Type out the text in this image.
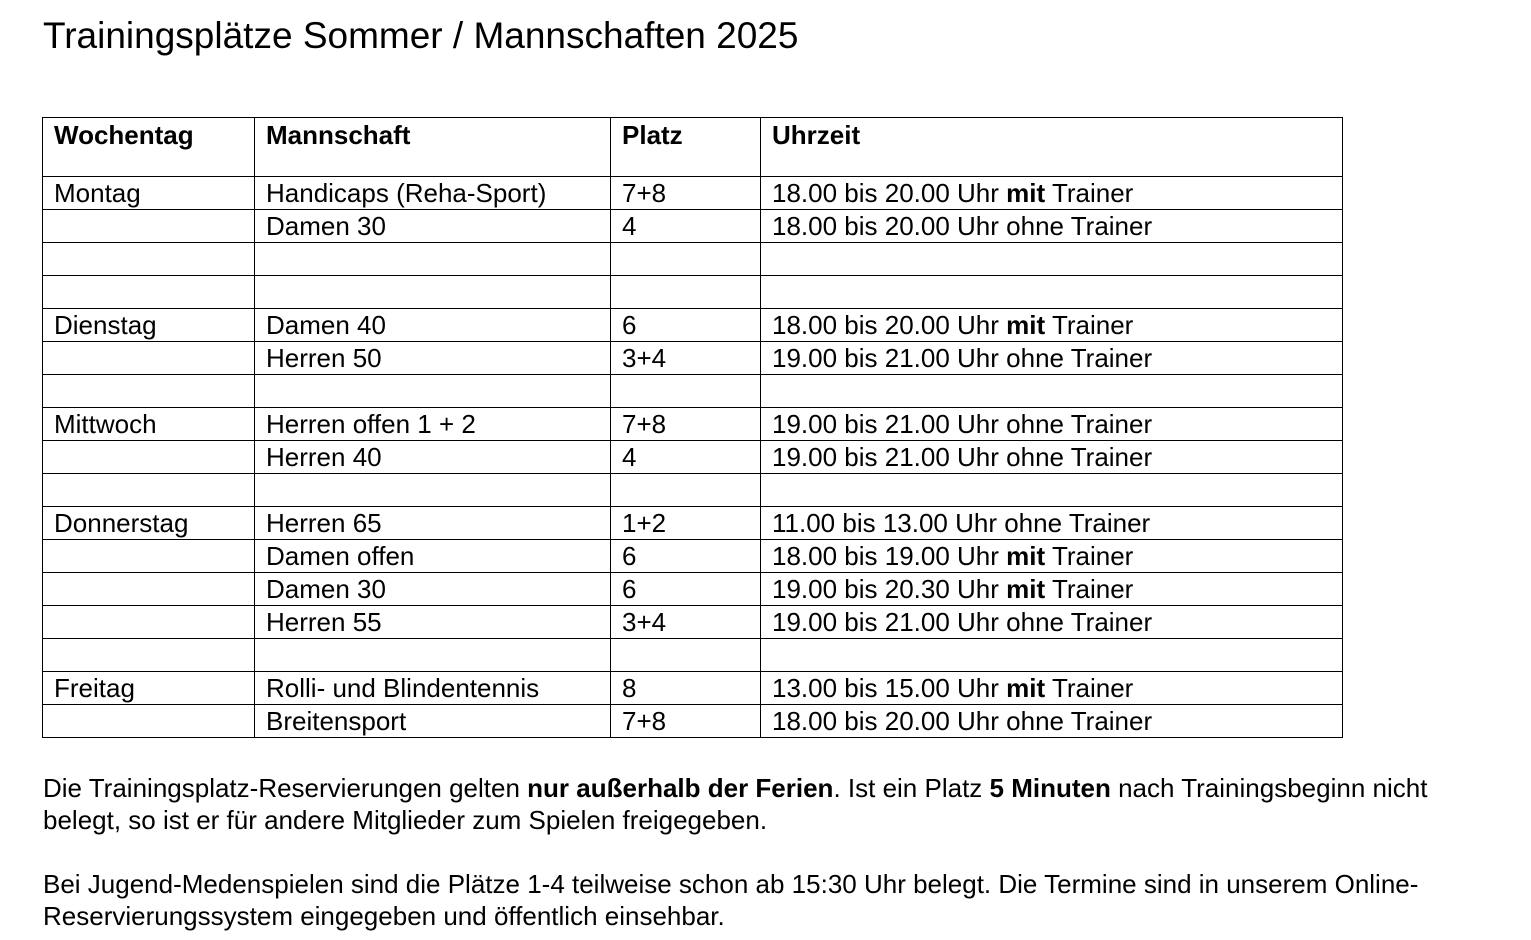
Trainingsplätze Sommer / Mannschaften 2025
Wochentag	Mannschaft	Platz	Uhrzeit
Montag	Handicaps (Reha-Sport)	7+8	18.00 bis 20.00 Uhr mit Trainer
	Damen 30	4	18.00 bis 20.00 Uhr ohne Trainer

Dienstag	Damen 40	6	18.00 bis 20.00 Uhr mit Trainer
	Herren 50	3+4	19.00 bis 21.00 Uhr ohne Trainer

Mittwoch	Herren offen 1 + 2	7+8	19.00 bis 21.00 Uhr ohne Trainer
	Herren 40	4	19.00 bis 21.00 Uhr ohne Trainer

Donnerstag	Herren 65	1+2	11.00 bis 13.00 Uhr ohne Trainer
	Damen offen	6	18.00 bis 19.00 Uhr mit Trainer
	Damen 30	6	19.00 bis 20.30 Uhr mit Trainer
	Herren 55	3+4	19.00 bis 21.00 Uhr ohne Trainer

Freitag	Rolli- und Blindentennis	8	13.00 bis 15.00 Uhr mit Trainer
	Breitensport	7+8	18.00 bis 20.00 Uhr ohne Trainer
Die Trainingsplatz-Reservierungen gelten nur außerhalb der Ferien. Ist ein Platz 5 Minuten nach Trainingsbeginn nicht belegt, so ist er für andere Mitglieder zum Spielen freigegeben.
Bei Jugend-Medenspielen sind die Plätze 1-4 teilweise schon ab 15:30 Uhr belegt. Die Termine sind in unserem Online-Reservierungssystem eingegeben und öffentlich einsehbar.
